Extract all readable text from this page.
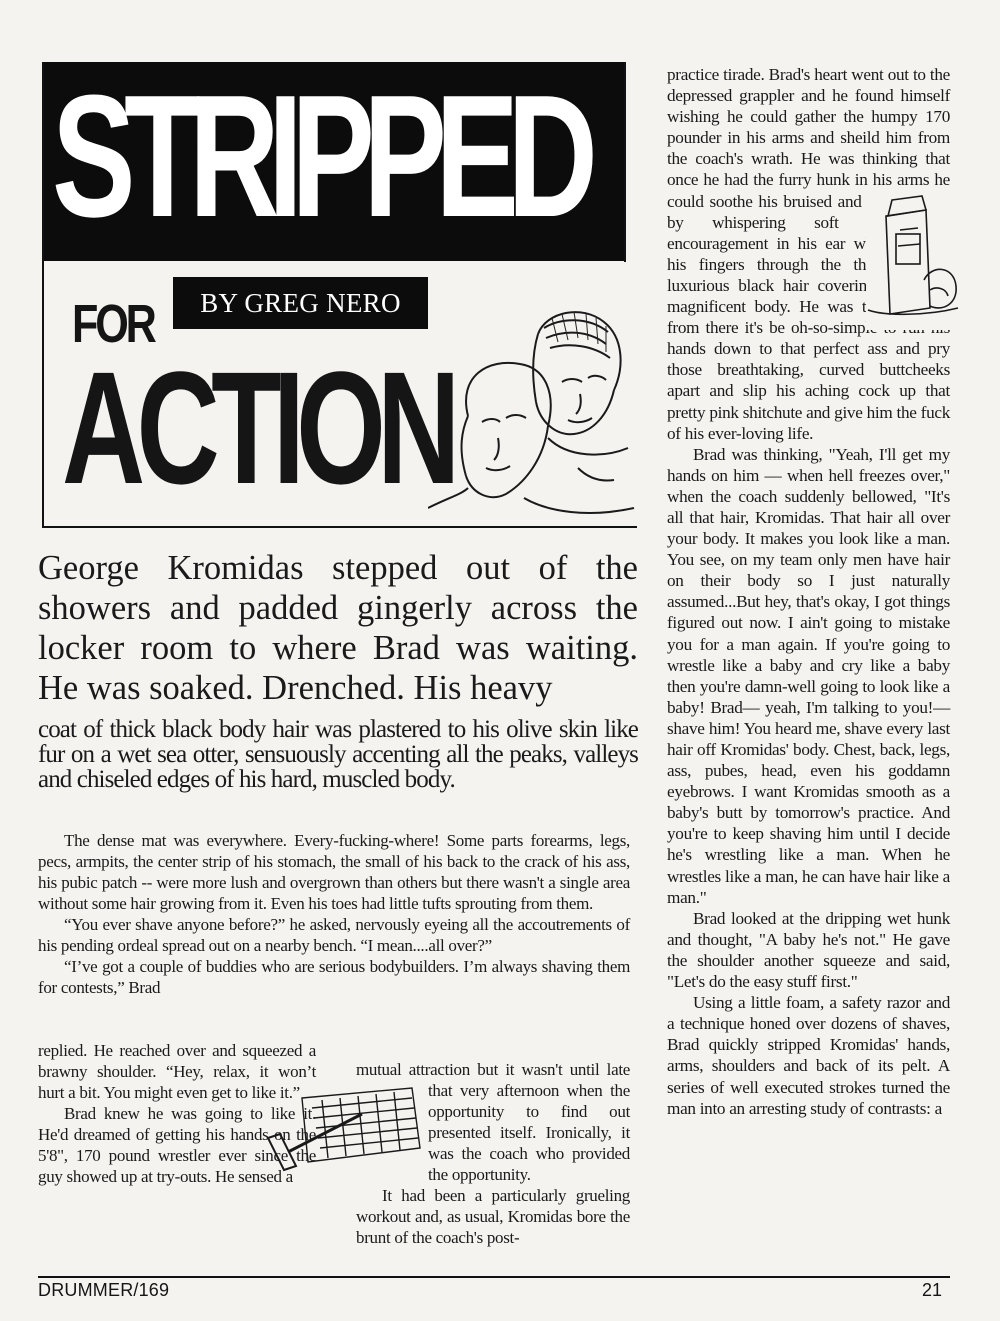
STRIPPED
BY GREG NERO
FOR
ACTION
George Kromidas stepped out of the showers and padded gingerly across the locker room to where Brad was waiting. He was soaked. Drenched. His heavy
coat of thick black body hair was plastered to his olive skin like fur on a wet sea otter, sensuously accenting all the peaks, valleys and chiseled edges of his hard, muscled body.

The dense mat was everywhere. Every-fucking-where! Some parts forearms, legs, pecs, armpits, the center strip of his stomach, the small of his back to the crack of his ass, his pubic patch -- were more lush and overgrown than others but there wasn't a single area without some hair growing from it. Even his toes had little tufts sprouting from them.

“You ever shave anyone before?” he asked, nervously eyeing all the accoutrements of his pending ordeal spread out on a nearby bench. “I mean....all over?”

“I’ve got a couple of buddies who are serious bodybuilders. I’m always shaving them for contests,” Brad

replied. He reached over and squeezed a brawny shoulder. “Hey, relax, it won’t hurt a bit. You might even get to like it.”

Brad knew he was going to like it. He'd dreamed of getting his hands on the 5'8", 170 pound wrestler ever since the guy showed up at try-outs. He sensed a

mutual attraction but it wasn't until late that very afternoon when the opportunity to find out presented itself. Ironically, it was the coach who provided the opportunity.

It had been a particularly grueling workout and, as usual, Kromidas bore the brunt of the coach's post-

practice tirade. Brad's heart went out to the depressed grappler and he found himself wishing he could gather the humpy 170 pounder in his arms and sheild him from the coach's wrath. He was thinking that once he had the furry hunk in his arms he could soothe his bruised and battered ego by whispering soft words of encouragement in his ear while running his fingers through the thick mat of luxurious black hair covering the stud's magnificent body. He was thinking that from there it's be oh-so-simple to run his hands down to that perfect ass and pry those breathtaking, curved buttcheeks apart and slip his aching cock up that pretty pink shitchute and give him the fuck of his ever-loving life.

Brad was thinking, "Yeah, I'll get my hands on him — when hell freezes over," when the coach suddenly bellowed, "It's all that hair, Kromidas. That hair all over your body. It makes you look like a man. You see, on my team only men have hair on their body so I just naturally assumed...But hey, that's okay, I got things figured out now. I ain't going to mistake you for a man again. If you're going to wrestle like a baby and cry like a baby then you're damn-well going to look like a baby! Brad— yeah, I'm talking to you!—shave him! You heard me, shave every last hair off Kromidas' body. Chest, back, legs, ass, pubes, head, even his goddamn eyebrows. I want Kromidas smooth as a baby's butt by tomorrow's practice. And you're to keep shaving him until I decide he's wrestling like a man. When he wrestles like a man, he can have hair like a man."

Brad looked at the dripping wet hunk and thought, "A baby he's not." He gave the shoulder another squeeze and said, "Let's do the easy stuff first."

Using a little foam, a safety razor and a technique honed over dozens of shaves, Brad quickly stripped Kromidas' hands, arms, shoulders and back of its pelt. A series of well executed strokes turned the man into an arresting study of contrasts: a

DRUMMER/169	21
